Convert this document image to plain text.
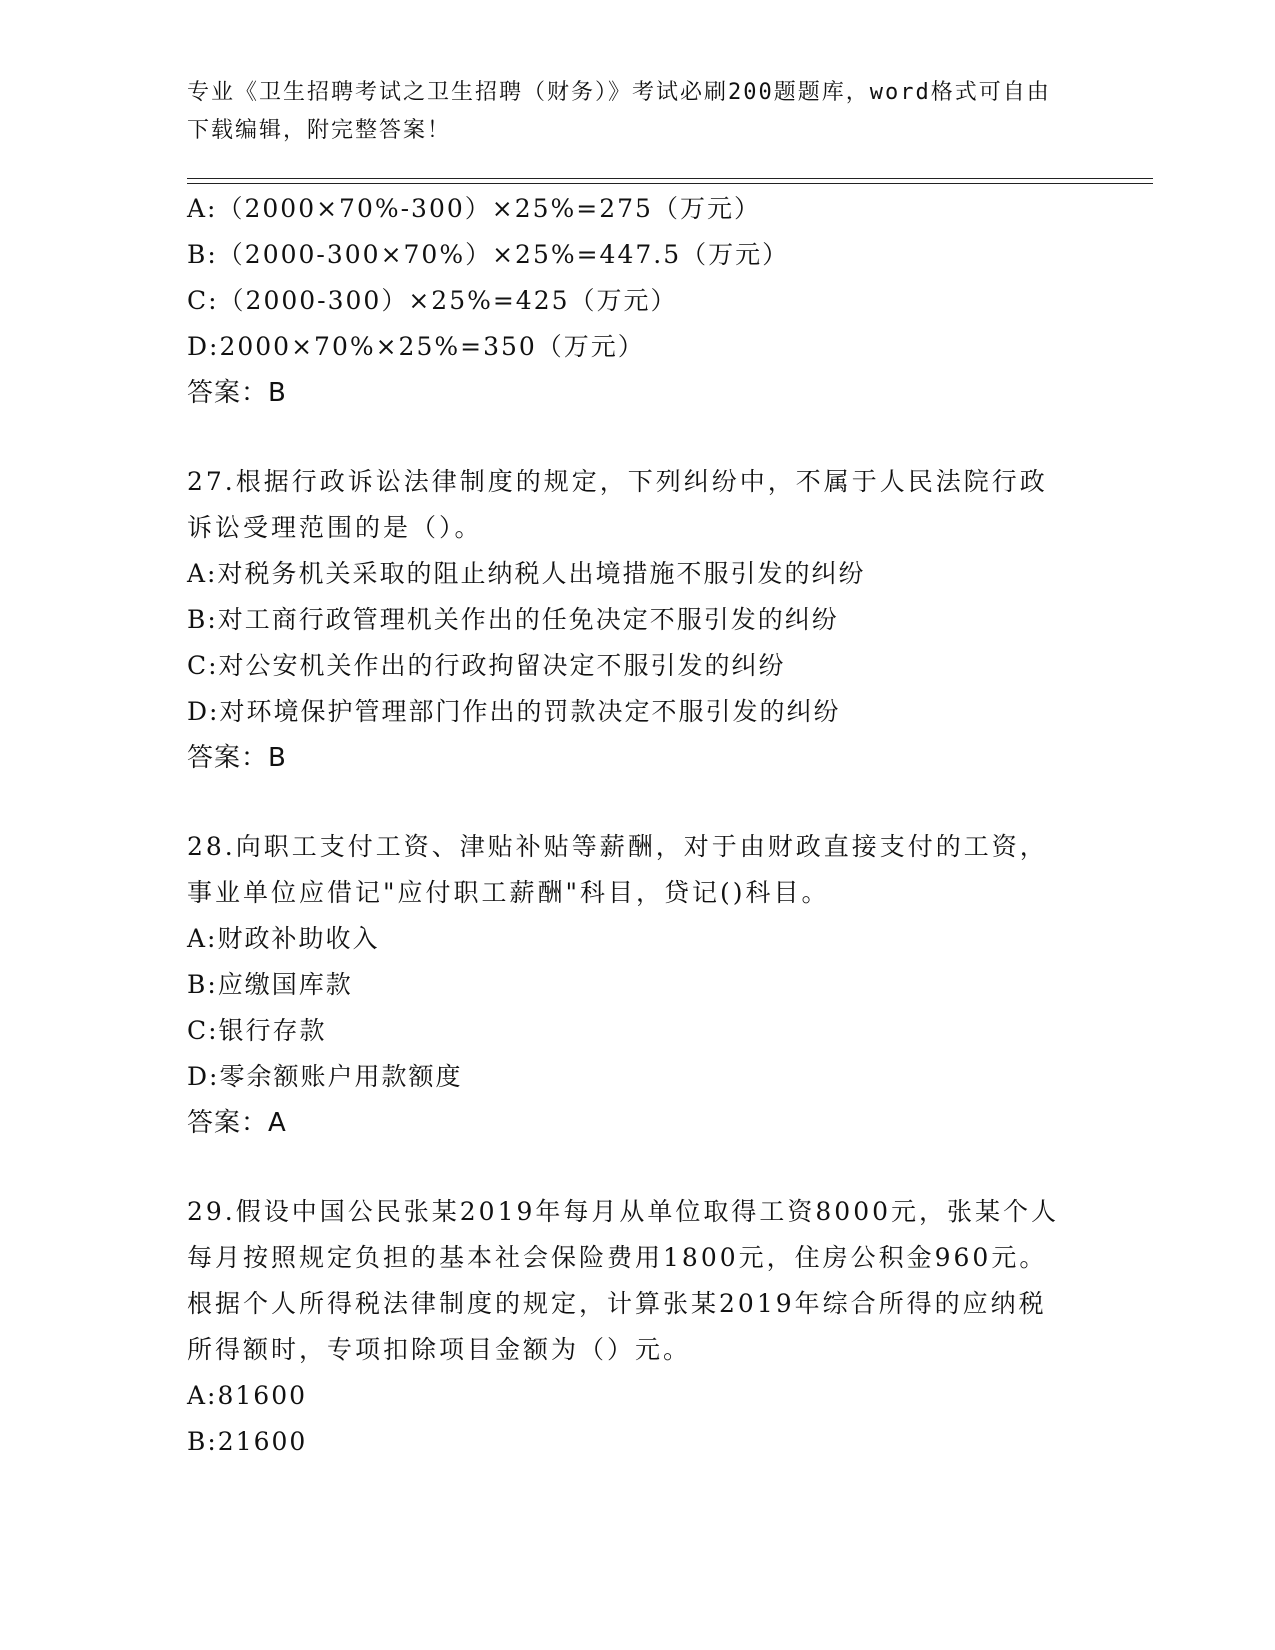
专业《卫生招聘考试之卫生招聘（财务）》考试必刷200题题库，word格式可自由下载编辑，附完整答案！
A:（2000×70%-300）×25%=275（万元）
B:（2000-300×70%）×25%=447.5（万元）
C:（2000-300）×25%=425（万元）
D:2000×70%×25%=350（万元）
答案：B
27.根据行政诉讼法律制度的规定，下列纠纷中，不属于人民法院行政
诉讼受理范围的是（）。
A:对税务机关采取的阻止纳税人出境措施不服引发的纠纷
B:对工商行政管理机关作出的任免决定不服引发的纠纷
C:对公安机关作出的行政拘留决定不服引发的纠纷
D:对环境保护管理部门作出的罚款决定不服引发的纠纷
答案：B
28.向职工支付工资、津贴补贴等薪酬，对于由财政直接支付的工资，
事业单位应借记"应付职工薪酬"科目，贷记()科目。
A:财政补助收入
B:应缴国库款
C:银行存款
D:零余额账户用款额度
答案：A
29.假设中国公民张某2019年每月从单位取得工资8000元，张某个人
每月按照规定负担的基本社会保险费用1800元，住房公积金960元。
根据个人所得税法律制度的规定，计算张某2019年综合所得的应纳税
所得额时，专项扣除项目金额为（）元。
A:81600
B:21600
